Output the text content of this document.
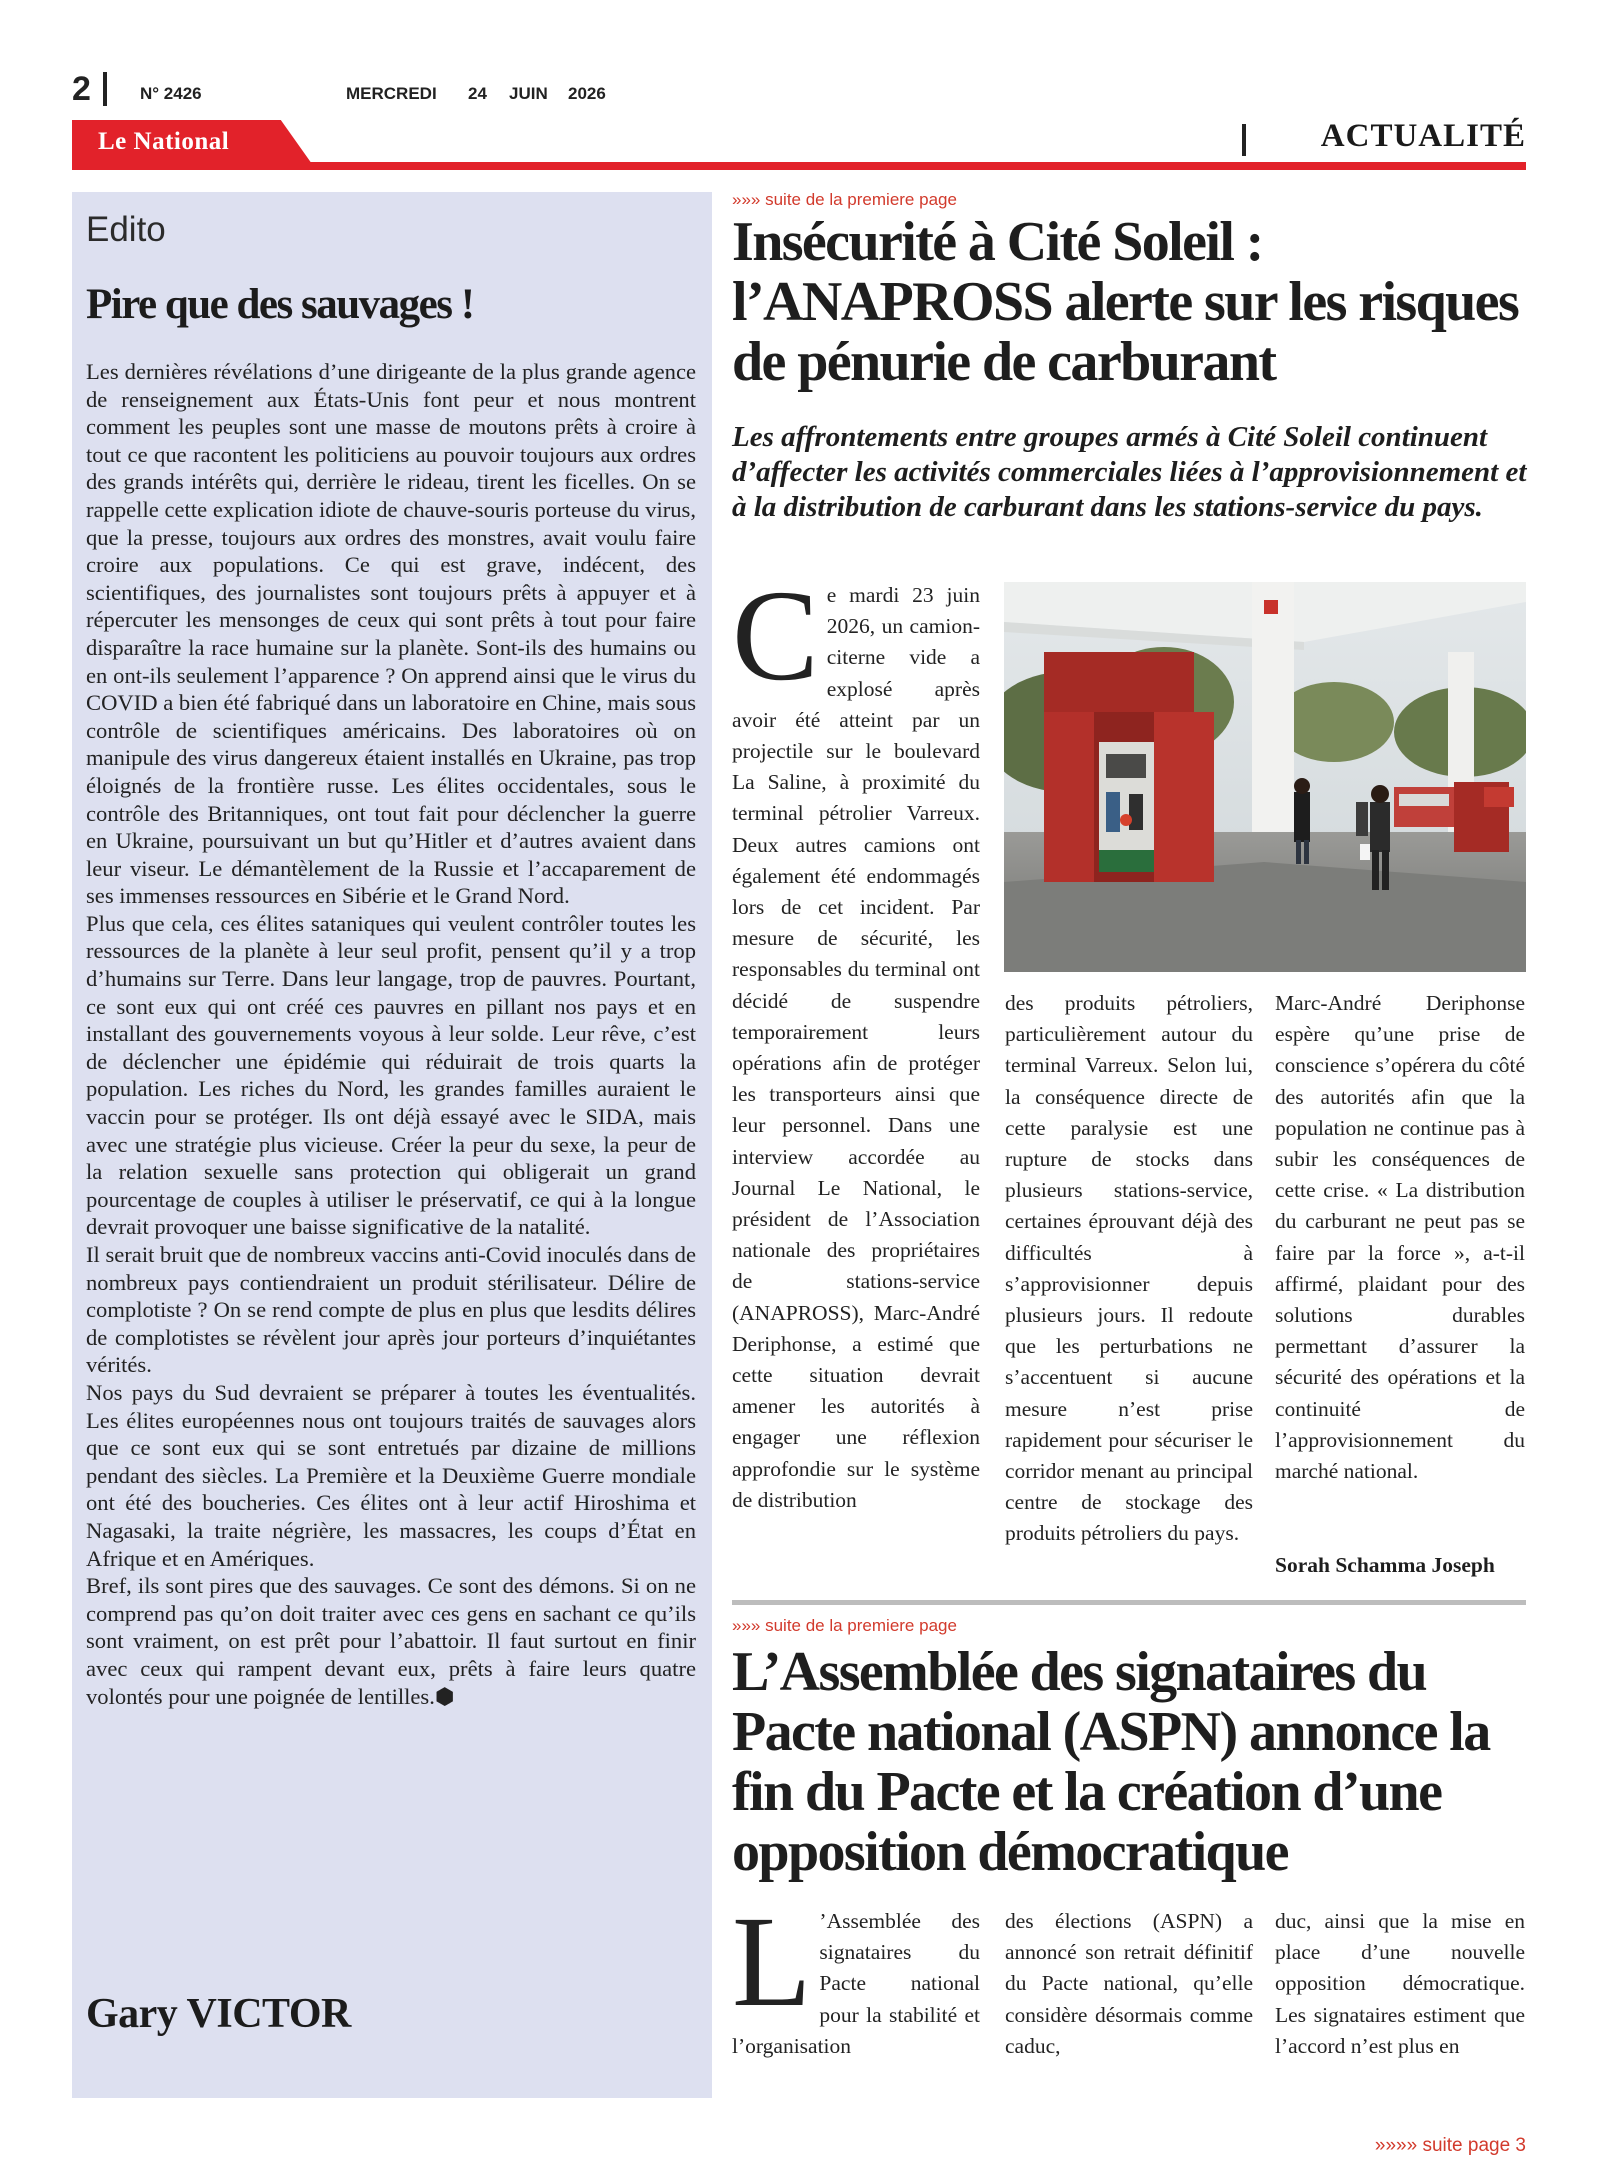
2	N° 2426	MERCREDI 24 JUIN 2026
Le National	ACTUALITÉ
Edito
Pire que des sauvages !

Les dernières révélations d’une dirigeante de la plus grande agence de renseignement aux États-Unis font peur et nous montrent comment les peuples sont une masse de moutons prêts à croire à tout ce que racontent les politiciens au pouvoir toujours aux ordres des grands intérêts qui, derrière le rideau, tirent les ficelles. On se rappelle cette explication idiote de chauve-souris porteuse du virus, que la presse, toujours aux ordres des monstres, avait voulu faire croire aux populations. Ce qui est grave, indécent, des scientifiques, des journalistes sont toujours prêts à appuyer et à répercuter les mensonges de ceux qui sont prêts à tout pour faire disparaître la race humaine sur la planète. Sont-ils des humains ou en ont-ils seulement l’apparence ? On apprend ainsi que le virus du COVID a bien été fabriqué dans un laboratoire en Chine, mais sous contrôle de scientifiques américains. Des laboratoires où on manipule des virus dangereux étaient installés en Ukraine, pas trop éloignés de la frontière russe. Les élites occidentales, sous le contrôle des Britanniques, ont tout fait pour déclencher la guerre en Ukraine, poursuivant un but qu’Hitler et d’autres avaient dans leur viseur. Le démantèlement de la Russie et l’accaparement de ses immenses ressources en Sibérie et le Grand Nord.

Plus que cela, ces élites sataniques qui veulent contrôler toutes les ressources de la planète à leur seul profit, pensent qu’il y a trop d’humains sur Terre. Dans leur langage, trop de pauvres. Pourtant, ce sont eux qui ont créé ces pauvres en pillant nos pays et en installant des gouvernements voyous à leur solde. Leur rêve, c’est de déclencher une épidémie qui réduirait de trois quarts la population. Les riches du Nord, les grandes familles auraient le vaccin pour se protéger. Ils ont déjà essayé avec le SIDA, mais avec une stratégie plus vicieuse. Créer la peur du sexe, la peur de la relation sexuelle sans protection qui obligerait un grand pourcentage de couples à utiliser le préservatif, ce qui à la longue devrait provoquer une baisse significative de la natalité.

Il serait bruit que de nombreux vaccins anti-Covid inoculés dans de nombreux pays contiendraient un produit stérilisateur. Délire de complotiste ? On se rend compte de plus en plus que lesdits délires de complotistes se révèlent jour après jour porteurs d’inquiétantes vérités.

Nos pays du Sud devraient se préparer à toutes les éventualités. Les élites européennes nous ont toujours traités de sauvages alors que ce sont eux qui se sont entretués par dizaine de millions pendant des siècles. La Première et la Deuxième Guerre mondiale ont été des boucheries. Ces élites ont à leur actif Hiroshima et Nagasaki, la traite négrière, les massacres, les coups d’État en Afrique et en Amériques.

Bref, ils sont pires que des sauvages. Ce sont des démons. Si on ne comprend pas qu’on doit traiter avec ces gens en sachant ce qu’ils sont vraiment, on est prêt pour l’abattoir. Il faut surtout en finir avec ceux qui rampent devant eux, prêts à faire leurs quatre volontés pour une poignée de lentilles.⬢

Gary VICTOR
»»» suite de la premiere page
Insécurité à Cité Soleil : l’ANAPROSS alerte sur les risques de pénurie de carburant
Les affrontements entre groupes armés à Cité Soleil continuent d’affecter les activités commerciales liées à l’approvisionnement et à la distribution de carburant dans les stations-service du pays.
Ce mardi 23 juin 2026, un camion-citerne vide a explosé après avoir été atteint par un projectile sur le boulevard La Saline, à proximité du terminal pétrolier Varreux. Deux autres camions ont également été endommagés lors de cet incident. Par mesure de sécurité, les responsables du terminal ont décidé de suspendre temporairement leurs opérations afin de protéger les transporteurs ainsi que leur personnel. Dans une interview accordée au Journal Le National, le président de l’Association nationale des propriétaires de stations-service (ANAPROSS), Marc-André Deriphonse, a estimé que cette situation devrait amener les autorités à engager une réflexion approfondie sur le système de distribution
des produits pétroliers, particulièrement autour du terminal Varreux. Selon lui, la conséquence directe de cette paralysie est une rupture de stocks dans plusieurs stations-service, certaines éprouvant déjà des difficultés à s’approvisionner depuis plusieurs jours. Il redoute que les perturbations ne s’accentuent si aucune mesure n’est prise rapidement pour sécuriser le corridor menant au principal centre de stockage des produits pétroliers du pays.
Marc-André Deriphonse espère qu’une prise de conscience s’opérera du côté des autorités afin que la population ne continue pas à subir les conséquences de cette crise. « La distribution du carburant ne peut pas se faire par la force », a-t-il affirmé, plaidant pour des solutions durables permettant d’assurer la sécurité des opérations et la continuité de l’approvisionnement du marché national.
Sorah Schamma Joseph
»»» suite de la premiere page
L’Assemblée des signataires du Pacte national (ASPN) annonce la fin du Pacte et la création d’une opposition démocratique
L ’Assemblée des signataires du Pacte national pour la stabilité et l’organisation
des élections (ASPN) a annoncé son retrait définitif du Pacte national, qu’elle considère désormais comme caduc,
duc, ainsi que la mise en place d’une nouvelle opposition démocratique. Les signataires estiment que l’accord n’est plus en
»»»» suite page 3
